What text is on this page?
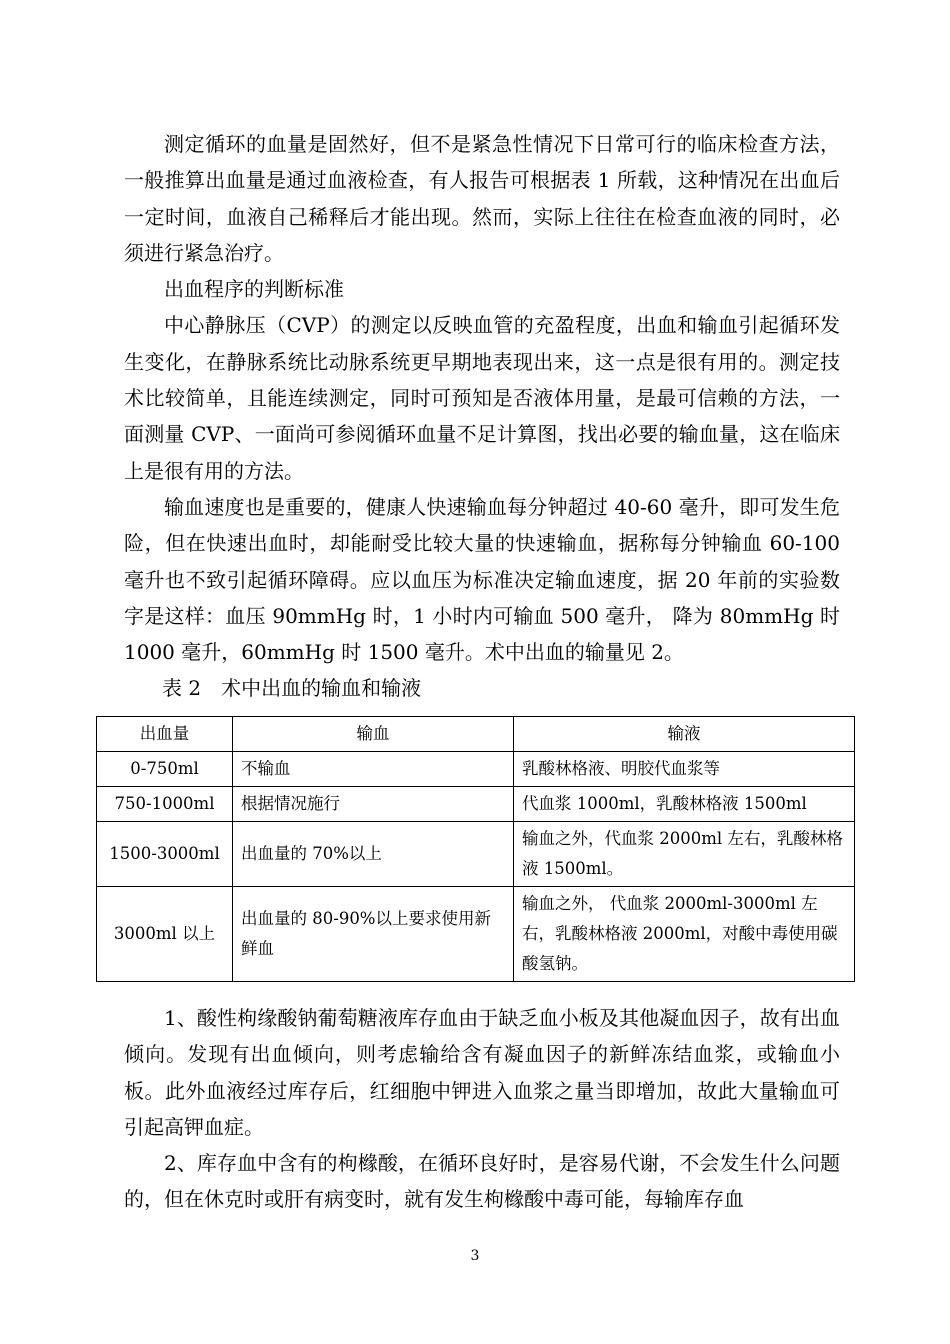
测定循环的血量是固然好，但不是紧急性情况下日常可行的临床检查方法，一般推算出血量是通过血液检查，有人报告可根据表 1 所载，这种情况在出血后一定时间，血液自己稀释后才能出现。然而，实际上往往在检查血液的同时，必须进行紧急治疗。

出血程序的判断标准

中心静脉压（CVP）的测定以反映血管的充盈程度，出血和输血引起循环发生变化，在静脉系统比动脉系统更早期地表现出来，这一点是很有用的。测定技术比较简单，且能连续测定，同时可预知是否液体用量，是最可信赖的方法，一面测量 CVP、一面尚可参阅循环血量不足计算图，找出必要的输血量，这在临床上是很有用的方法。

输血速度也是重要的，健康人快速输血每分钟超过 40-60 毫升，即可发生危险，但在快速出血时，却能耐受比较大量的快速输血，据称每分钟输血 60-100 毫升也不致引起循环障碍。应以血压为标准决定输血速度，据 20 年前的实验数字是这样：血压 90mmHg 时，1 小时内可输血 500 毫升， 降为 80mmHg 时 1000 毫升，60mmHg 时 1500 毫升。术中出血的输量见 2。

表 2　术中出血的输血和输液

出血量	输血	输液
0-750ml	不输血	乳酸林格液、明胶代血浆等
750-1000ml	根据情况施行	代血浆 1000ml，乳酸林格液 1500ml
1500-3000ml	出血量的 70%以上	输血之外，代血浆 2000ml 左右，乳酸林格液 1500ml。
3000ml 以上	出血量的 80-90%以上要求使用新鲜血	输血之外， 代血浆 2000ml-3000ml 左右，乳酸林格液 2000ml，对酸中毒使用碳酸氢钠。

1、酸性枸缘酸钠葡萄糖液库存血由于缺乏血小板及其他凝血因子，故有出血倾向。发现有出血倾向，则考虑输给含有凝血因子的新鲜冻结血浆，或输血小板。此外血液经过库存后，红细胞中钾进入血浆之量当即增加，故此大量输血可引起高钾血症。

2、库存血中含有的枸橼酸，在循环良好时，是容易代谢，不会发生什么问题的，但在休克时或肝有病变时，就有发生枸橼酸中毒可能，每输库存血

3
